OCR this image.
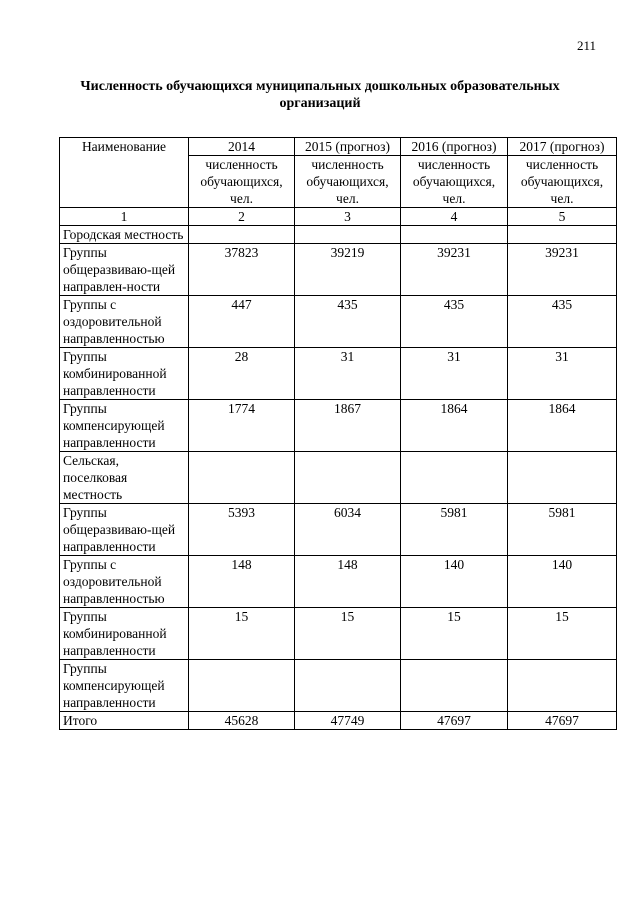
211
Численность обучающихся муниципальных дошкольных образовательных
организаций
Наименование	2014	2015 (прогноз)	2016 (прогноз)	2017 (прогноз)
	численность обучающихся, чел.	численность обучающихся, чел.	численность обучающихся, чел.	численность обучающихся, чел.
1	2	3	4	5
Городская местность				
Группы общеразвиваю-щей направлен-ности	37823	39219	39231	39231
Группы с оздоровительной направленностью	447	435	435	435
Группы комбинированной направленности	28	31	31	31
Группы компенсирующей направленности	1774	1867	1864	1864
Сельская, поселковая местность				
Группы общеразвиваю-щей направленности	5393	6034	5981	5981
Группы с оздоровительной направленностью	148	148	140	140
Группы комбинированной направленности	15	15	15	15
Группы компенсирующей направленности				
Итого	45628	47749	47697	47697
